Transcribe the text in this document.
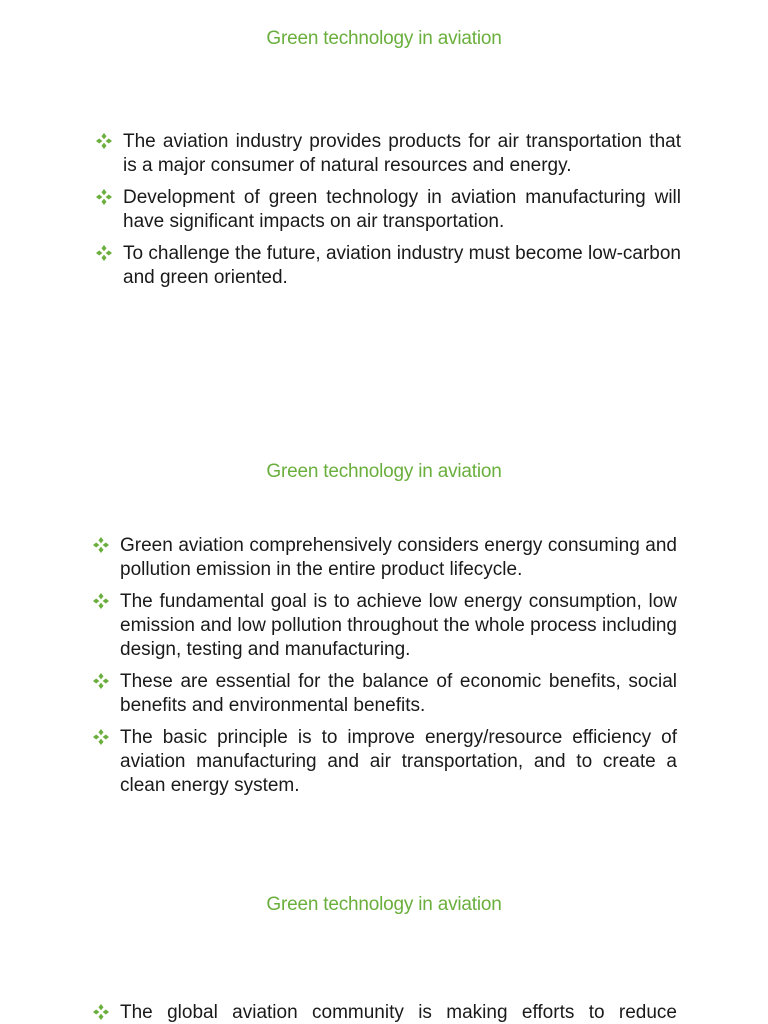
Green technology in aviation
The aviation industry provides products for air transportation that is a major consumer of natural resources and energy.
Development of green technology in aviation manufacturing will have significant impacts on air transportation.
To challenge the future, aviation industry must become low-carbon and green oriented.
Green technology in aviation
Green aviation comprehensively considers energy consuming and pollution emission in the entire product lifecycle.
The fundamental goal is to achieve low energy consumption, low emission and low pollution throughout the whole process including design, testing and manufacturing.
These are essential for the balance of economic benefits, social benefits and environmental benefits.
The basic principle is to improve energy/resource efficiency of aviation manufacturing and air transportation, and to create a clean energy system.
Green technology in aviation
The global aviation community is making efforts to reduce
